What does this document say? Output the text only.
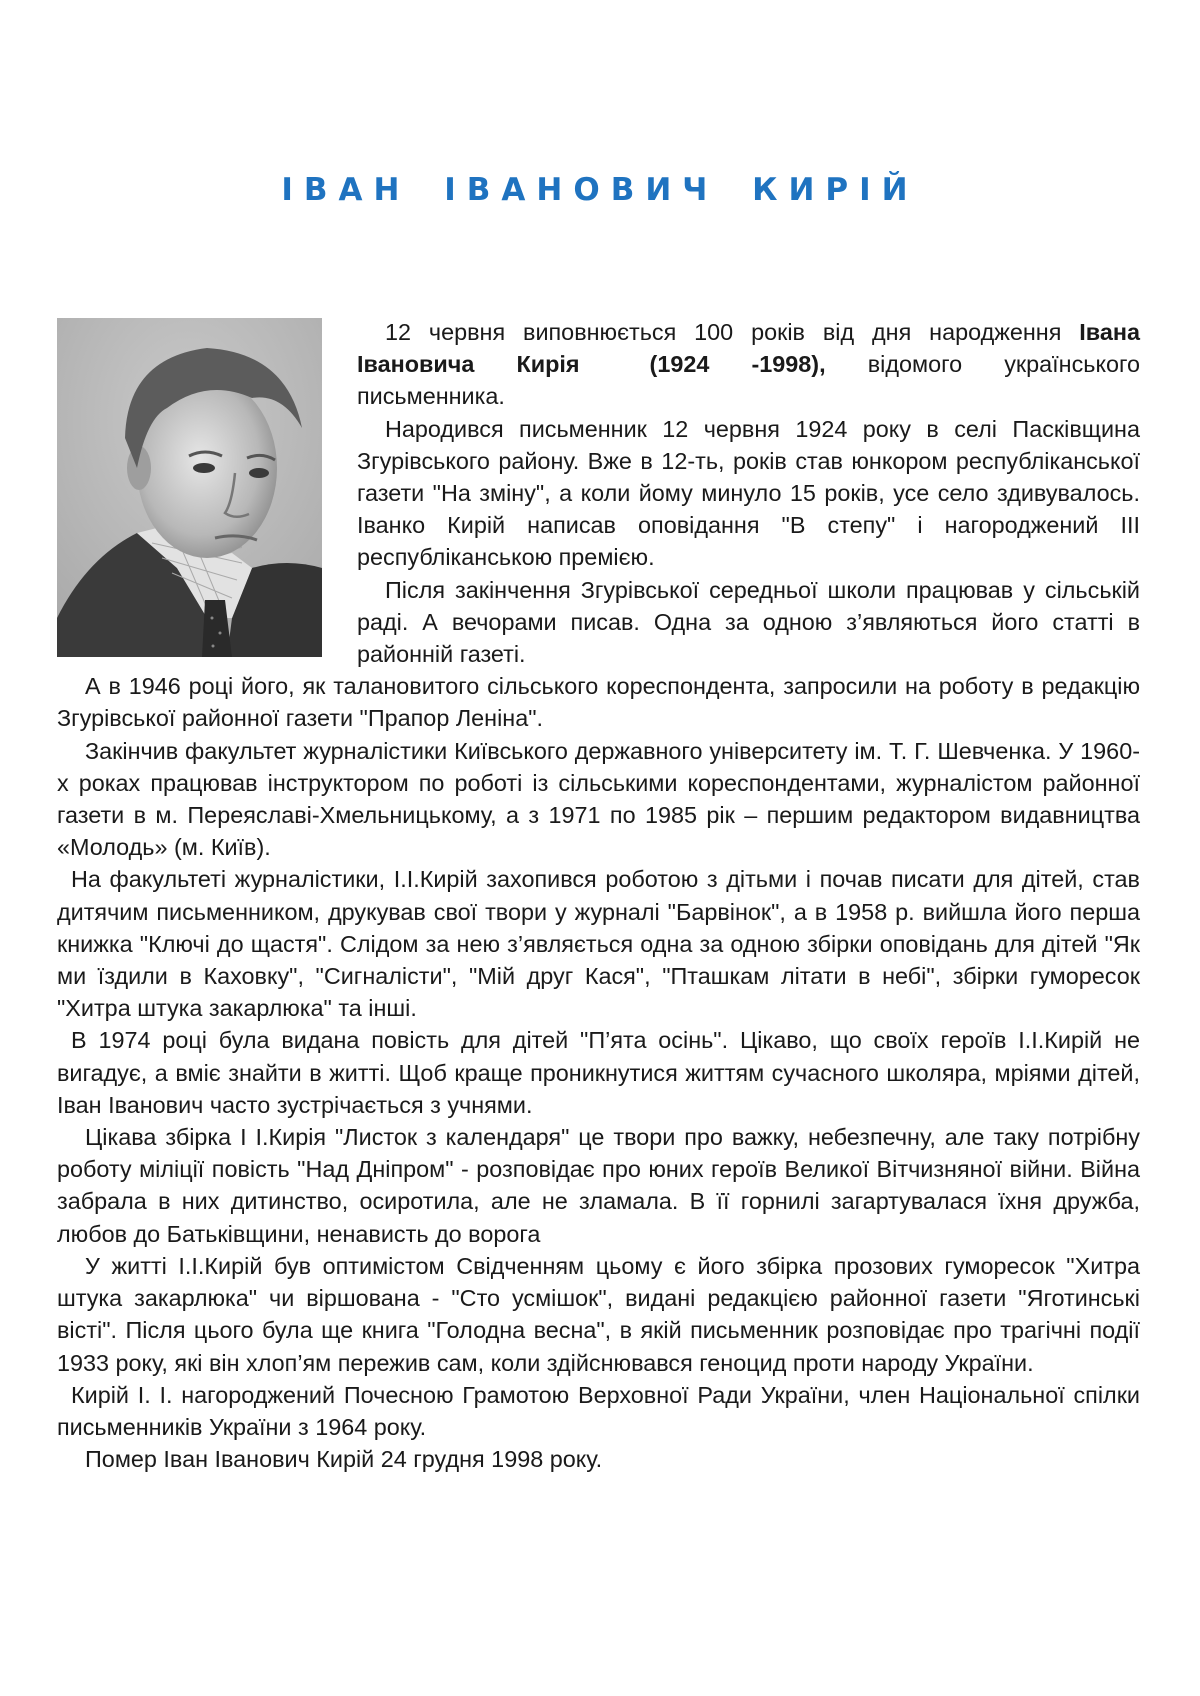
ІВАН ІВАНОВИЧ КИРІЙ

12 червня виповнюється 100 років від дня народження Івана Івановича Кирія	(1924 -1998), відомого українського письменника.

Народився письменник 12 червня 1924 року в селі Пасківщина Згурівського району. Вже в 12-ть, років став юнкором республіканської газети "На зміну", а коли йому минуло 15 років, усе село здивувалось. Іванко Кирій написав оповідання "В степу" і нагороджений ІІІ республіканською премією.

Після закінчення Згурівської середньої школи працював у сільській раді. А вечорами писав. Одна за одною з’являються його статті в районній газеті.

А в 1946 році його, як талановитого сільського кореспондента, запросили на роботу в редакцію Згурівської районної газети "Прапор Леніна".

Закінчив факультет журналістики Київського державного університету ім. Т. Г. Шевченка. У 1960-х роках працював інструктором по роботі із сільськими кореспондентами, журналістом районної газети в м. Переяславі-Хмельницькому, а з 1971 по 1985 рік – першим редактором видавництва «Молодь» (м. Київ).

На факультеті журналістики, І.І.Кирій захопився роботою з дітьми і почав писати для дітей, став дитячим письменником, друкував свої твори у журналі "Барвінок", а в 1958 р. вийшла його перша книжка "Ключі до щастя". Слідом за нею з’являється одна за одною збірки оповідань для дітей "Як ми їздили в Каховку", "Сигналісти", "Мій друг Кася", "Пташкам літати в небі", збірки гуморесок "Хитра штука закарлюка" та інші.

В 1974 році була видана повість для дітей "П’ята осінь". Цікаво, що своїх героїв І.І.Кирій не вигадує, а вміє знайти в житті. Щоб краще проникнутися життям сучасного школяра, мріями дітей, Іван Іванович часто зустрічається з учнями.

Цікава збірка І І.Кирія "Листок з календаря" це твори про важку, небезпечну, але таку потрібну роботу міліції повість "Над Дніпром" - розповідає про юних героїв Великої Вітчизняної війни. Війна забрала в них дитинство, осиротила, але не зламала. В її горнилі загартувалася їхня дружба, любов до Батьківщини, ненависть до ворога

У житті І.І.Кирій був оптимістом Свідченням цьому є його збірка прозових гуморесок "Хитра штука закарлюка" чи віршована - "Сто усмішок", видані редакцією районної газети "Яготинські вісті". Після цього була ще книга "Голодна весна", в якій письменник розповідає про трагічні події 1933 року, які він хлоп’ям пережив сам, коли здійснювався геноцид проти народу України.

Кирій І. І. нагороджений Почесною Грамотою Верховної Ради України, член Національної спілки письменників України з 1964 року.

Помер Іван Іванович Кирій 24 грудня 1998 року.
